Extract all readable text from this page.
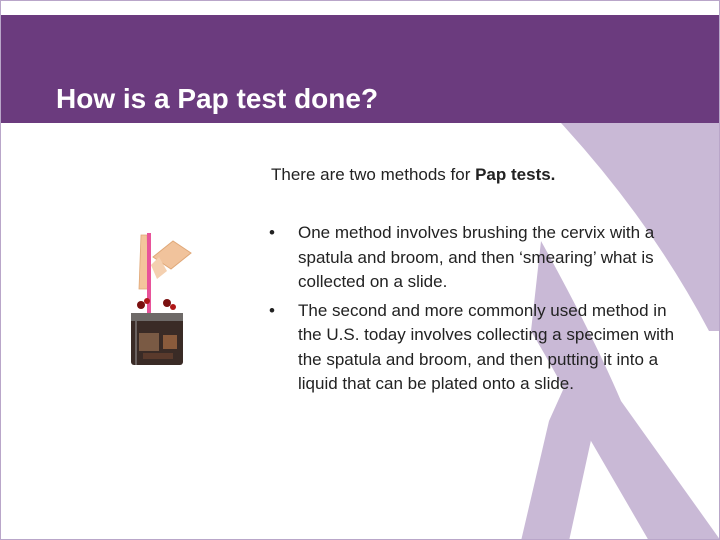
How is a Pap test done?

There are two methods for Pap tests.

• One method involves brushing the cervix with a spatula and broom, and then ‘smearing’ what is collected on a slide.
• The second and more commonly used method in the U.S. today involves collecting a specimen with the spatula and broom, and then putting it into a liquid that can be plated onto a slide.
